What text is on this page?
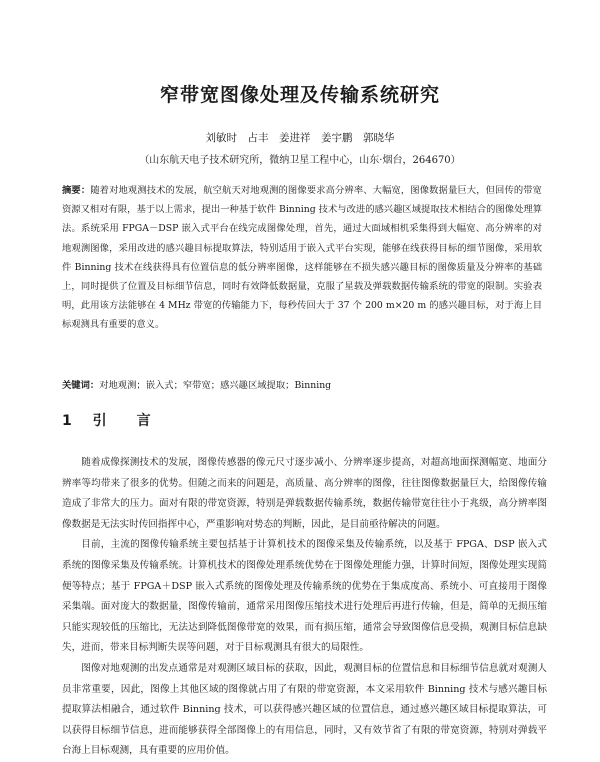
窄带宽图像处理及传输系统研究
刘敏时　占丰　姜进祥　姜宇鹏　郭晓华
（山东航天电子技术研究所，微纳卫星工程中心，山东·烟台，264670）
摘要：随着对地观测技术的发展，航空航天对地观测的图像要求高分辨率、大幅宽，图像数据量巨大，但回传的带宽资源又相对有限，基于以上需求，提出一种基于软件 Binning 技术与改进的感兴趣区域提取技术相结合的图像处理算法。系统采用 FPGA－DSP 嵌入式平台在线完成图像处理，首先，通过大面域相机采集得到大幅宽、高分辨率的对地观测图像，采用改进的感兴趣目标提取算法，特别适用于嵌入式平台实现，能够在线获得目标的细节图像，采用软件 Binning 技术在线获得具有位置信息的低分辨率图像，这样能够在不损失感兴趣目标的图像质量及分辨率的基础上，同时提供了位置及目标细节信息，同时有效降低数据量，克服了星载及弹载数据传输系统的带宽的限制。实验表明，此用该方法能够在 4 MHz 带宽的传输能力下，每秒传回大于 37 个 200 m×20 m 的感兴趣目标，对于海上目标观测具有重要的意义。
关键词：对地观测；嵌入式；窄带宽；感兴趣区域提取；Binning
1 引　言

随着成像探测技术的发展，图像传感器的像元尺寸逐步减小、分辨率逐步提高，对超高地面探测幅宽、地面分辨率等均带来了很多的优势。但随之而来的问题是，高质量、高分辨率的图像，往往图像数据量巨大，给图像传输造成了非常大的压力。面对有限的带宽资源，特别是弹载数据传输系统，数据传输带宽往往小于兆级，高分辨率图像数据是无法实时传回指挥中心，严重影响对势态的判断，因此，是目前亟待解决的问题。

目前，主流的图像传输系统主要包括基于计算机技术的图像采集及传输系统，以及基于 FPGA、DSP 嵌入式系统的图像采集及传输系统。计算机技术的图像处理系统优势在于图像处理能力强，计算时间短，图像处理实现简便等特点；基于 FPGA＋DSP 嵌入式系统的图像处理及传输系统的优势在于集成度高、系统小、可直接用于图像采集端。面对庞大的数据量，图像传输前，通常采用图像压缩技术进行处理后再进行传输，但是，简单的无损压缩只能实现较低的压缩比，无法达到降低图像带宽的效果，而有损压缩，通常会导致图像信息受损，观测目标信息缺失，进而，带来目标判断失误等问题，对于目标观测具有很大的局限性。

图像对地观测的出发点通常是对观测区域目标的获取，因此，观测目标的位置信息和目标细节信息就对观测人员非常重要，因此，图像上其他区域的图像就占用了有限的带宽资源，本文采用软件 Binning 技术与感兴趣目标提取算法相融合，通过软件 Binning 技术，可以获得感兴趣区域的位置信息，通过感兴趣区域目标提取算法，可以获得目标细节信息，进而能够获得全部图像上的有用信息，同时，又有效节省了有限的带宽资源，特别对弹载平台海上目标观测，具有重要的应用价值。
